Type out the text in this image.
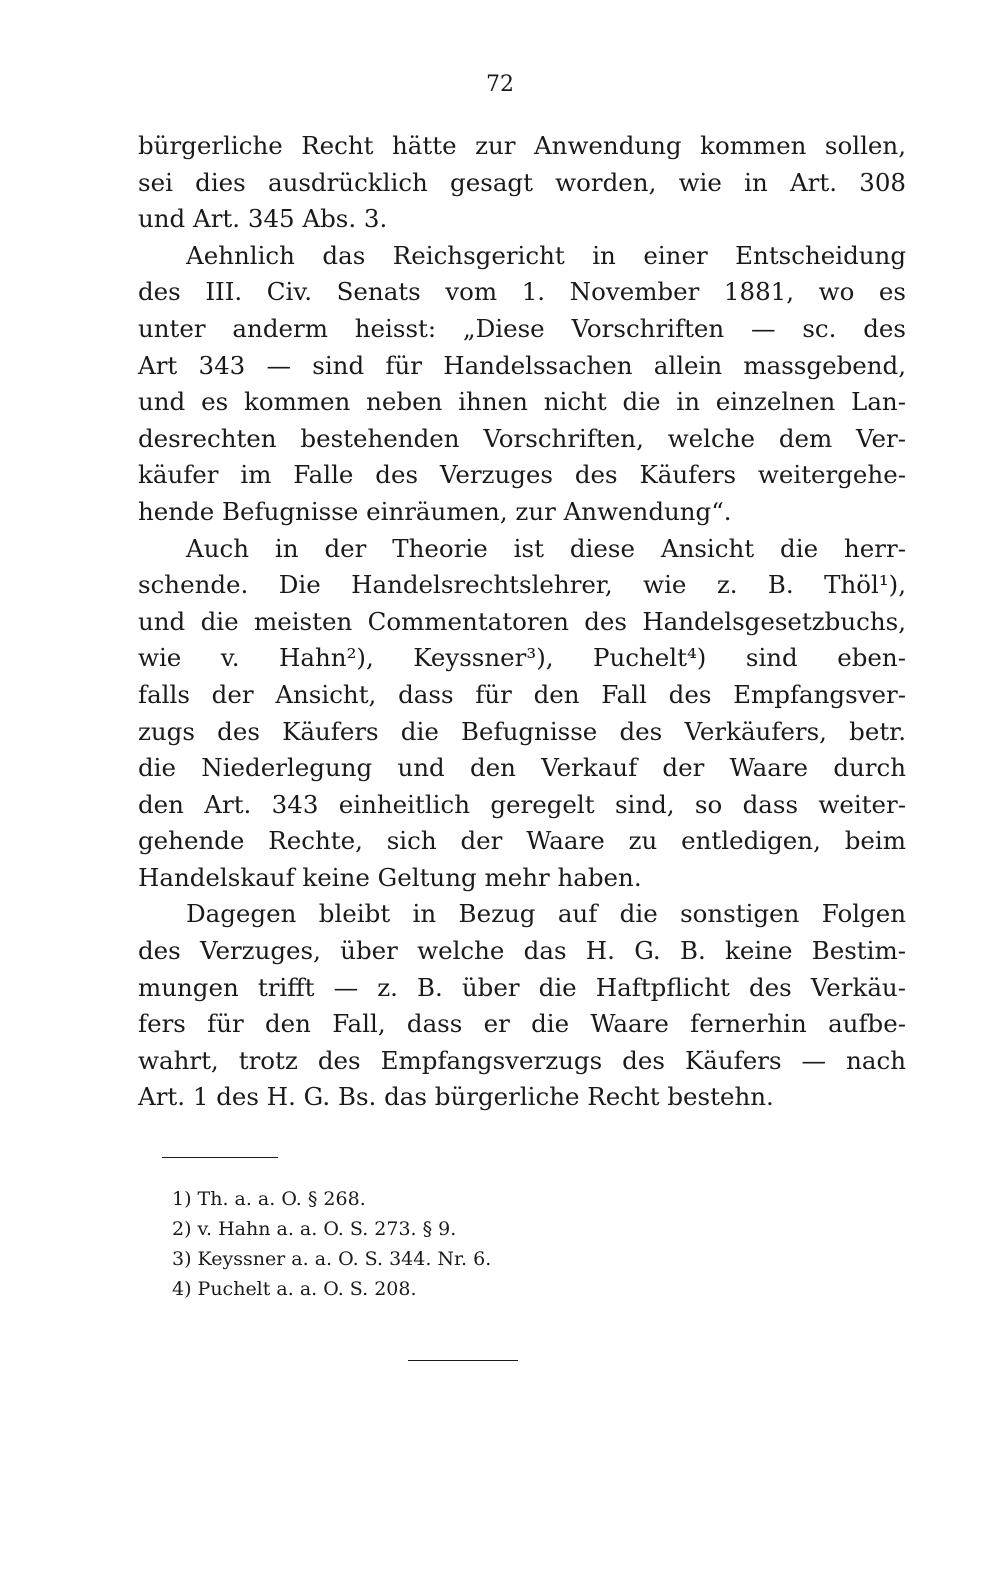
72
bürgerliche Recht hätte zur Anwendung kommen sollen,
sei dies ausdrücklich gesagt worden, wie in Art. 308
und Art. 345 Abs. 3.
Aehnlich das Reichsgericht in einer Entscheidung
des III. Civ. Senats vom 1. November 1881, wo es
unter anderm heisst: „Diese Vorschriften — sc. des
Art 343 — sind für Handelssachen allein massgebend,
und es kommen neben ihnen nicht die in einzelnen Lan-
desrechten bestehenden Vorschriften, welche dem Ver-
käufer im Falle des Verzuges des Käufers weitergehe-
hende Befugnisse einräumen, zur Anwendung“.
Auch in der Theorie ist diese Ansicht die herr-
schende. Die Handelsrechtslehrer, wie z. B. Thöl¹),
und die meisten Commentatoren des Handelsgesetzbuchs,
wie v. Hahn²), Keyssner³), Puchelt⁴) sind eben-
falls der Ansicht, dass für den Fall des Empfangsver-
zugs des Käufers die Befugnisse des Verkäufers, betr.
die Niederlegung und den Verkauf der Waare durch
den Art. 343 einheitlich geregelt sind, so dass weiter-
gehende Rechte, sich der Waare zu entledigen, beim
Handelskauf keine Geltung mehr haben.
Dagegen bleibt in Bezug auf die sonstigen Folgen
des Verzuges, über welche das H. G. B. keine Bestim-
mungen trifft — z. B. über die Haftpflicht des Verkäu-
fers für den Fall, dass er die Waare fernerhin aufbe-
wahrt, trotz des Empfangsverzugs des Käufers — nach
Art. 1 des H. G. Bs. das bürgerliche Recht bestehn.
1) Th. a. a. O. § 268.
2) v. Hahn a. a. O. S. 273. § 9.
3) Keyssner a. a. O. S. 344. Nr. 6.
4) Puchelt a. a. O. S. 208.
